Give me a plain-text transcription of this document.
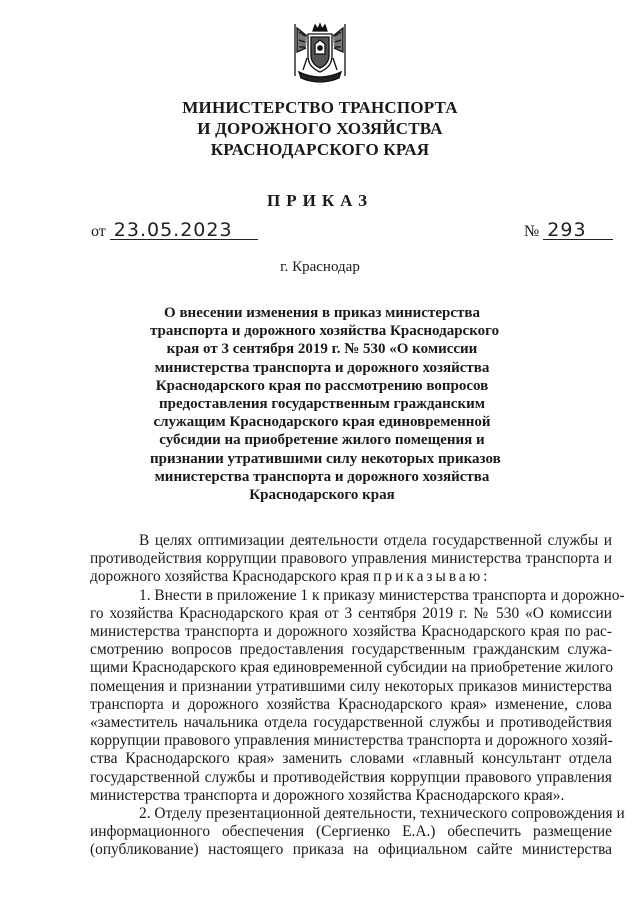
МИНИСТЕРСТВО ТРАНСПОРТА
И ДОРОЖНОГО ХОЗЯЙСТВА
КРАСНОДАРСКОГО КРАЯ
ПРИКАЗ
от 23.05.2023	№ 293
г. Краснодар
О внесении изменения в приказ министерства
транспорта и дорожного хозяйства Краснодарского
края от 3 сентября 2019 г. № 530 «О комиссии
министерства транспорта и дорожного хозяйства
Краснодарского края по рассмотрению вопросов
предоставления государственным гражданским
служащим Краснодарского края единовременной
субсидии на приобретение жилого помещения и
признании утратившими силу некоторых приказов
министерства транспорта и дорожного хозяйства
Краснодарского края
В целях оптимизации деятельности отдела государственной службы и
противодействия коррупции правового управления министерства транспорта и
дорожного хозяйства Краснодарского края приказываю:
1. Внести в приложение 1 к приказу министерства транспорта и дорожно-
го хозяйства Краснодарского края от 3 сентября 2019 г. № 530 «О комиссии
министерства транспорта и дорожного хозяйства Краснодарского края по рас-
смотрению вопросов предоставления государственным гражданским служа-
щими Краснодарского края единовременной субсидии на приобретение жилого
помещения и признании утратившими силу некоторых приказов министерства
транспорта и дорожного хозяйства Краснодарского края» изменение, слова
«заместитель начальника отдела государственной службы и противодействия
коррупции правового управления министерства транспорта и дорожного хозяй-
ства Краснодарского края» заменить словами «главный консультант отдела
государственной службы и противодействия коррупции правового управления
министерства транспорта и дорожного хозяйства Краснодарского края».
2. Отделу презентационной деятельности, технического сопровождения и
информационного обеспечения (Сергиенко Е.А.) обеспечить размещение
(опубликование) настоящего приказа на официальном сайте министерства
